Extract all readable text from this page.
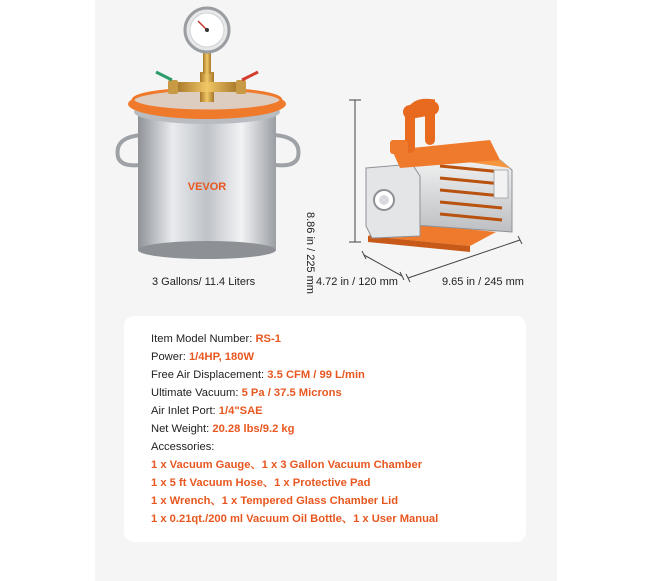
VEVOR
3 Gallons/ 11.4 Liters	8.86 in / 225 mm 4.72 in / 120 mm	9.65 in / 245 mm
Item Model Number: RS-1
Power: 1/4HP, 180W
Free Air Displacement: 3.5 CFM / 99 L/min
Ultimate Vacuum: 5 Pa / 37.5 Microns
Air Inlet Port: 1/4"SAE
Net Weight: 20.28 lbs/9.2 kg
Accessories:
1 x Vacuum Gauge、1 x 3 Gallon Vacuum Chamber
1 x 5 ft Vacuum Hose、1 x Protective Pad
1 x Wrench、1 x Tempered Glass Chamber Lid
1 x 0.21qt./200 ml Vacuum Oil Bottle、1 x User Manual
